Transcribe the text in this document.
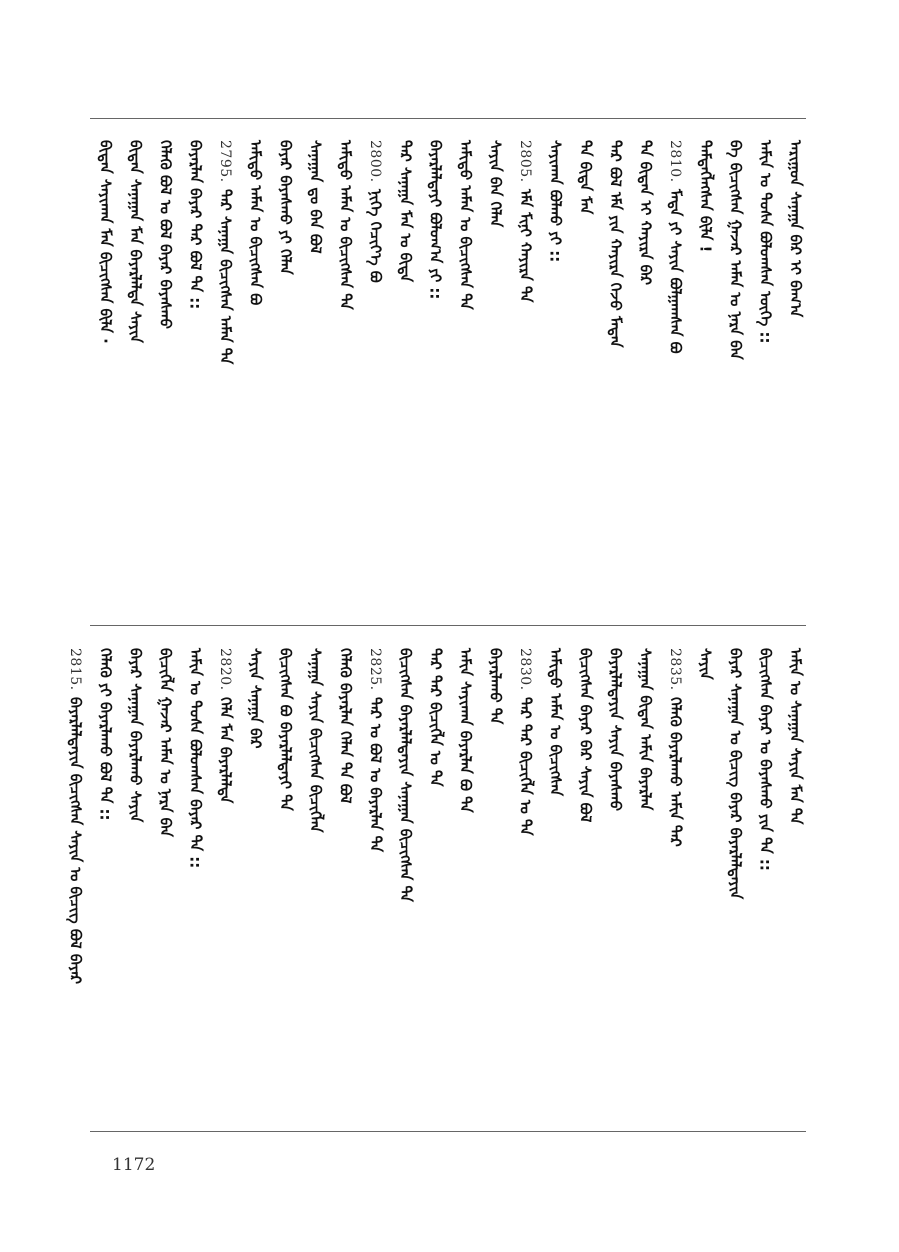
ᠠᠷᠢᠭᠤᠨ ᠰᠠᠨᠠᠭᠠ ᠪᠡᠷ ᠢ ᠪᠠᠭ᠎ᠠ
ᠠᠮᠢᠨ ᠤ ᠲᠤᠰᠠ ᠪᠤᠯᠤᠭᠰᠠᠨ ᠦᠭᠡ ::
ᠪᠠ ᠪᠢᠴᠢᠭᠰᠡᠨ ᠭᠠᠵᠠᠷ ᠠᠮᠠᠨ ᠤ ᠨᠡᠷᠡ ᠪᠡᠨ
ᠲᠡᠮᠳᠡᠭᠯᠡᠭᠰᠡᠨ ᠪᠢᠯᠡ !
2810.
ᠮᠠᠳᠠ ᠶᠢ ᠰᠠᠶᠢᠨ ᠪᠤᠯᠭᠠᠭᠰᠠᠨ ᠪᠤ
ᠲᠡ ᠪᠢᠳᠡᠨ ᠢ ᠬᠠᠶᠢᠷᠠ ᠪᠡᠷ
ᠲᠡᠷ ᠪᠣᠯ ᠡᠮᠡ ᠶᠢᠨ ᠬᠠᠶᠢᠷᠠ ᠭᠡᠵᠦ ᠮᠡᠳᠡᠨ
ᠲᠡ ᠪᠢᠳᠡ ᠮᠠᠨ
ᠰᠠᠶᠢᠬᠠᠨ ᠪᠣᠯᠬᠤ ᠶᠢ ::
2805.
ᠡᠮᠡ ᠮᠢᠨᠢ ᠬᠠᠶᠢᠷᠠ ᠲᠡ
ᠰᠠᠶᠢᠨ ᠪᠠᠨ ᠬᠡᠯᠡᠨ
ᠠᠮᠢᠳᠤ ᠠᠮᠠᠨ ᠤ ᠪᠢᠴᠢᠭᠰᠡᠨ ᠲᠡ
ᠪᠠᠶᠠᠷᠯᠠᠯᠲᠠᠶᠢ ᠪᠣᠯᠤᠭ᠎ᠠ ᠶᠢ ::
ᠲᠡᠷ ᠰᠠᠨᠠᠭᠠ ᠮᠠᠨ ᠤ ᠪᠢᠳᠡ
2800.
ᠨᠢᠭᠡ ᠬᠡᠴᠢᠶ᠎ᠡ ᠪᠤ
ᠠᠮᠢᠳᠤ ᠠᠮᠠᠨ ᠤ ᠪᠢᠴᠢᠭᠰᠡᠨ ᠲᠡ
ᠰᠠᠨᠠᠭᠠᠨ ᠳᠤ ᠪᠡᠨ ᠪᠣᠯ
ᠪᠠᠶᠠᠷ ᠪᠠᠶᠠᠰᠬᠤ ᠶᠢ ᠬᠡᠯᠡᠨ
ᠠᠮᠢᠳᠤ ᠠᠮᠠᠨ ᠤ ᠪᠢᠴᠢᠭᠰᠡᠨ ᠪᠤ
2795.
ᠲᠡᠷ ᠰᠠᠨᠠᠭᠠ ᠪᠢᠴᠢᠭᠰᠡᠨ ᠠᠮᠠᠨ ᠲᠡ
ᠪᠠᠶᠠᠷᠯᠠᠨ ᠪᠠᠶᠠᠷ ᠲᠡᠷ ᠪᠣᠯ ᠲᠡ ::
ᠬᠡᠯᠡᠬᠦ ᠪᠣᠯ ᠤ ᠪᠣᠯ ᠪᠠᠶᠠᠷ ᠪᠠᠶᠠᠰᠬᠤ
ᠪᠢᠳᠡᠨ ᠰᠠᠨᠠᠭᠠᠨ ᠮᠠᠨ ᠪᠠᠶᠠᠷᠯᠠᠯᠲᠠ ᠰᠠᠶᠢᠨ
ᠪᠢᠳᠡᠨ ᠰᠠᠶᠢᠬᠠᠨ ᠮᠠᠨ ᠪᠢᠴᠢᠭᠰᠡᠨ ᠪᠢᠯᠡ ·
ᠠᠮᠢᠨ ᠤ ᠰᠠᠨᠠᠭᠠᠨ ᠰᠠᠶᠢᠨ ᠮᠠᠨ ᠲᠡ
ᠪᠢᠴᠢᠭᠰᠡᠨ ᠪᠠᠶᠠᠷ ᠤ ᠪᠠᠶᠠᠰᠬᠤ ᠶᠢᠨ ᠲᠡ ::
ᠪᠠᠶᠠᠷ ᠰᠠᠨᠠᠭᠠᠨ ᠤ ᠪᠢᠴᠢᠭ ᠪᠠᠶᠠᠷ ᠪᠠᠶᠠᠷᠯᠠᠯᠲᠠᠶᠢᠨ
ᠰᠠᠶᠢᠨ
2835.
ᠬᠡᠯᠡᠬᠦ ᠪᠠᠶᠠᠷᠯᠠᠬᠤ ᠠᠮᠢᠨ ᠲᠡᠷ
ᠰᠠᠨᠠᠭᠠᠨ ᠪᠢᠳᠡᠨ ᠠᠮᠢᠨ ᠪᠠᠶᠠᠷᠯᠠᠨ
ᠪᠠᠶᠠᠷᠯᠠᠯᠲᠠᠶᠢᠨ ᠰᠠᠶᠢᠨ ᠪᠠᠶᠠᠰᠬᠤ
ᠪᠢᠴᠢᠭᠰᠡᠨ ᠪᠠᠶᠠᠷ ᠪᠡᠷ ᠰᠠᠶᠢᠨ ᠪᠣᠯ
ᠠᠮᠢᠳᠤ ᠠᠮᠠᠨ ᠤ ᠪᠢᠴᠢᠭᠰᠡᠨ
2830.
ᠲᠡᠷ ᠲᠡᠷ ᠪᠢᠴᠢᠭᠯᠡ ᠤ ᠲᠡ
ᠪᠠᠶᠠᠷᠯᠠᠬᠤ ᠲᠡ
ᠠᠮᠢᠨ ᠰᠠᠶᠢᠬᠠᠨ ᠪᠠᠶᠠᠷᠯᠠᠨ ᠪᠤ ᠲᠡ
ᠲᠡᠷ ᠲᠡᠷ ᠪᠢᠴᠢᠭᠯᠡ ᠤ ᠲᠡ
ᠪᠢᠴᠢᠭᠰᠡᠨ ᠪᠠᠶᠠᠷᠯᠠᠯᠲᠠᠶᠢᠨ ᠰᠠᠨᠠᠭᠠᠨ ᠪᠢᠴᠢᠭᠰᠡᠨ ᠲᠡ
2825.
ᠲᠡᠷ ᠤ ᠪᠣᠯ ᠤ ᠪᠠᠶᠠᠷᠯᠠᠨ ᠲᠡ
ᠬᠡᠯᠡᠬᠦ ᠪᠠᠶᠠᠷᠯᠠᠨ ᠬᠡᠯᠡᠨ ᠲᠡ ᠪᠣᠯ
ᠰᠠᠨᠠᠭᠠ ᠰᠠᠶᠢᠨ ᠪᠢᠴᠢᠭᠰᠡᠨ ᠪᠢᠴᠢᠭᠯᠡᠨ
ᠪᠢᠴᠢᠭᠰᠡᠨ ᠪᠤ ᠪᠠᠶᠠᠷᠯᠠᠯᠲᠠᠶᠢ ᠲᠡ
ᠰᠠᠶᠢᠨ ᠰᠠᠨᠠᠭᠠ ᠪᠡᠷ
2820.
ᠬᠡᠯᠡ ᠮᠠᠨ ᠪᠠᠶᠠᠷᠯᠠᠯᠲᠠ
ᠠᠮᠢᠨ ᠤ ᠲᠤᠰᠠ ᠪᠤᠯᠤᠭᠰᠠᠨ ᠪᠠᠶᠠᠷ ᠲᠡ ::
ᠪᠢᠴᠢᠭᠯᠡ ᠭᠠᠵᠠᠷ ᠠᠮᠠᠨ ᠤ ᠨᠡᠷᠡ ᠪᠡᠨ
ᠪᠠᠶᠠᠷ ᠰᠠᠨᠠᠭᠠᠨ ᠪᠠᠶᠠᠷᠯᠠᠬᠤ ᠰᠠᠶᠢᠨ
ᠬᠡᠯᠡᠬᠦ ᠶᠢ ᠪᠠᠶᠠᠷᠯᠠᠬᠤ ᠪᠣᠯ ᠲᠡ ::
2815.
ᠪᠠᠶᠠᠷᠯᠠᠯᠲᠠᠶᠢᠨ ᠪᠢᠴᠢᠭᠰᠡᠨ ᠰᠠᠶᠢᠨ ᠤ ᠪᠢᠴᠢᠭ ᠪᠣᠯ ᠪᠠᠶᠠᠷ
1172
